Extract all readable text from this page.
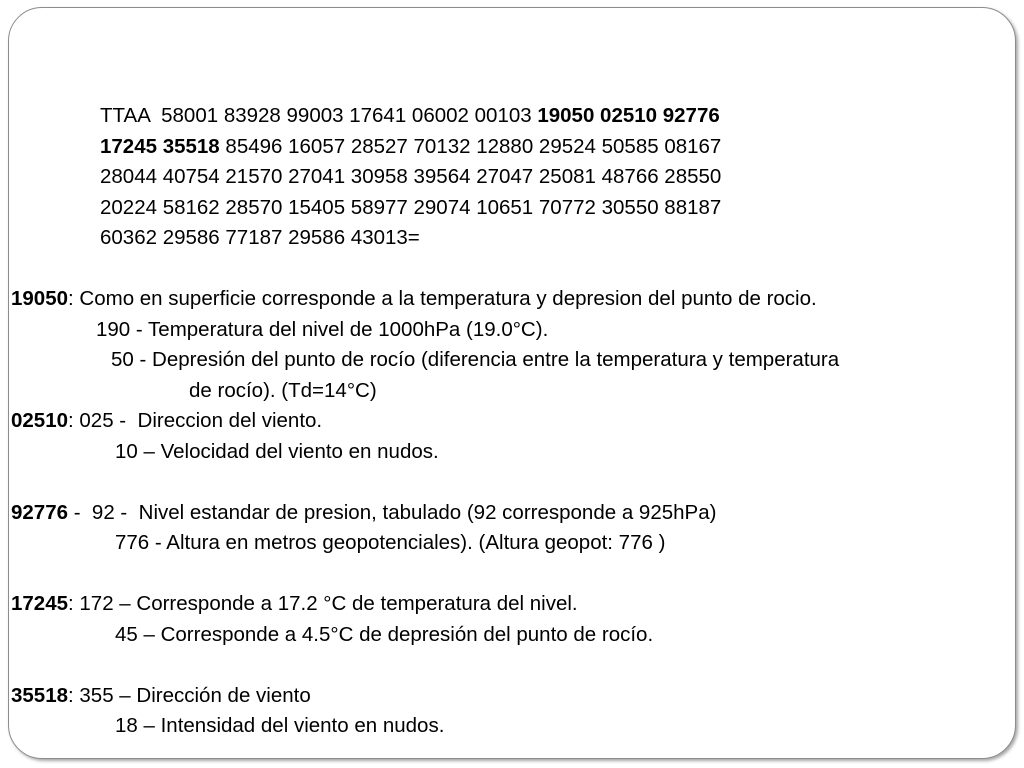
TTAA  58001 83928 99003 17641 06002 00103 19050 02510 92776
17245 35518 85496 16057 28527 70132 12880 29524 50585 08167
28044 40754 21570 27041 30958 39564 27047 25081 48766 28550
20224 58162 28570 15405 58977 29074 10651 70772 30550 88187
60362 29586 77187 29586 43013=
19050: Como en superficie corresponde a la temperatura y depresion del punto de rocio.
190 - Temperatura del nivel de 1000hPa (19.0°C).
50 - Depresión del punto de rocío (diferencia entre la temperatura y temperatura
de rocío). (Td=14°C)
02510: 025 -  Direccion del viento.
10 – Velocidad del viento en nudos.
92776 -  92 -  Nivel estandar de presion, tabulado (92 corresponde a 925hPa)
776 - Altura en metros geopotenciales). (Altura geopot: 776 )
17245: 172 – Corresponde a 17.2 °C de temperatura del nivel.
45 – Corresponde a 4.5°C de depresión del punto de rocío.
35518: 355 – Dirección de viento
18 – Intensidad del viento en nudos.
